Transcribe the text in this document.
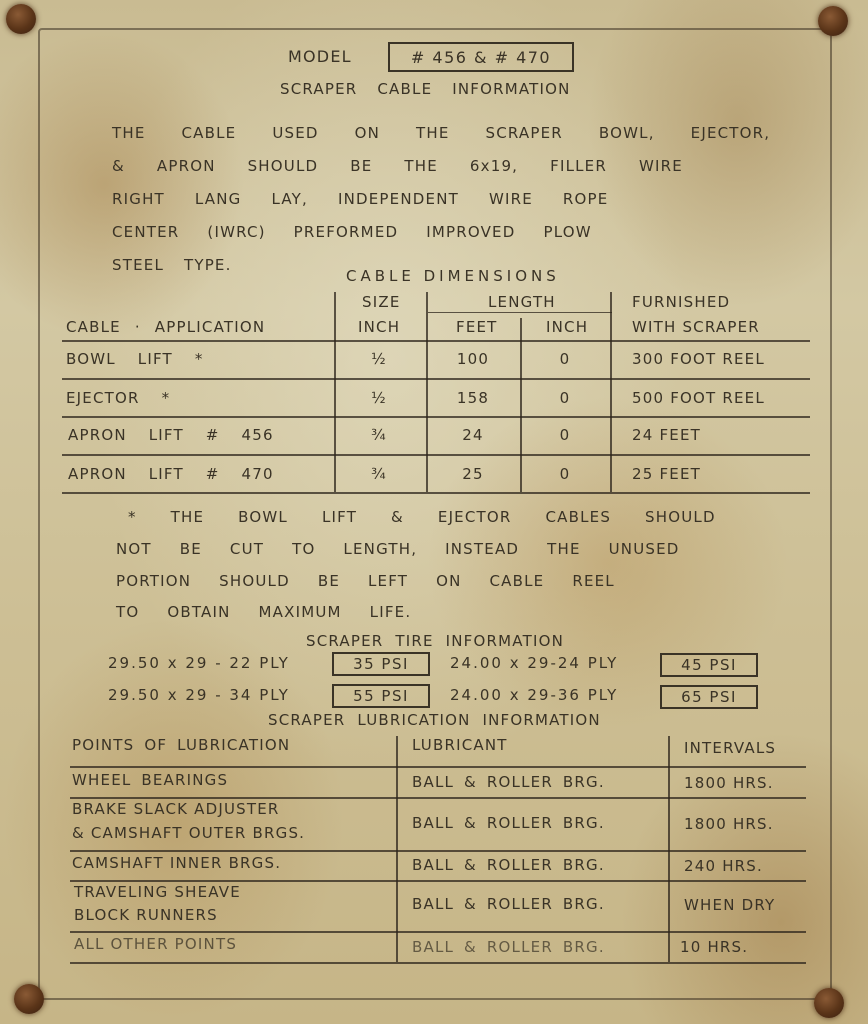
MODEL	# 456 & # 470
SCRAPER CABLE INFORMATION
THE CABLE USED ON THE SCRAPER BOWL, EJECTOR,
& APRON SHOULD BE THE 6x19, FILLER WIRE
RIGHT LANG LAY, INDEPENDENT WIRE ROPE
CENTER (IWRC) PREFORMED IMPROVED PLOW
STEEL TYPE.
CABLE DIMENSIONS
SIZE	LENGTH	FURNISHED
CABLE · APPLICATION	INCH	FEET	INCH	WITH SCRAPER
BOWL LIFT *	½	100	0	300 FOOT REEL
EJECTOR *	½	158	0	500 FOOT REEL
APRON LIFT # 456	¾	24	0	24 FEET
APRON LIFT # 470	¾	25	0	25 FEET
* THE BOWL LIFT & EJECTOR CABLES SHOULD
NOT BE CUT TO LENGTH, INSTEAD THE UNUSED
PORTION SHOULD BE LEFT ON CABLE REEL
TO OBTAIN MAXIMUM LIFE.
SCRAPER TIRE INFORMATION
29.50 x 29 - 22 PLY	35 PSI	24.00 x 29-24 PLY	45 PSI
29.50 x 29 - 34 PLY	55 PSI	24.00 x 29-36 PLY	65 PSI
SCRAPER LUBRICATION INFORMATION
POINTS OF LUBRICATION	LUBRICANT	INTERVALS
WHEEL BEARINGS	BALL & ROLLER BRG.	1800 HRS.
BRAKE SLACK ADJUSTER
& CAMSHAFT OUTER BRGS.
BALL & ROLLER BRG.	1800 HRS.
CAMSHAFT INNER BRGS.	BALL & ROLLER BRG.	240 HRS.
TRAVELING SHEAVE
BLOCK RUNNERS
BALL & ROLLER BRG.	WHEN DRY
ALL OTHER POINTS	BALL & ROLLER BRG.	10 HRS.
